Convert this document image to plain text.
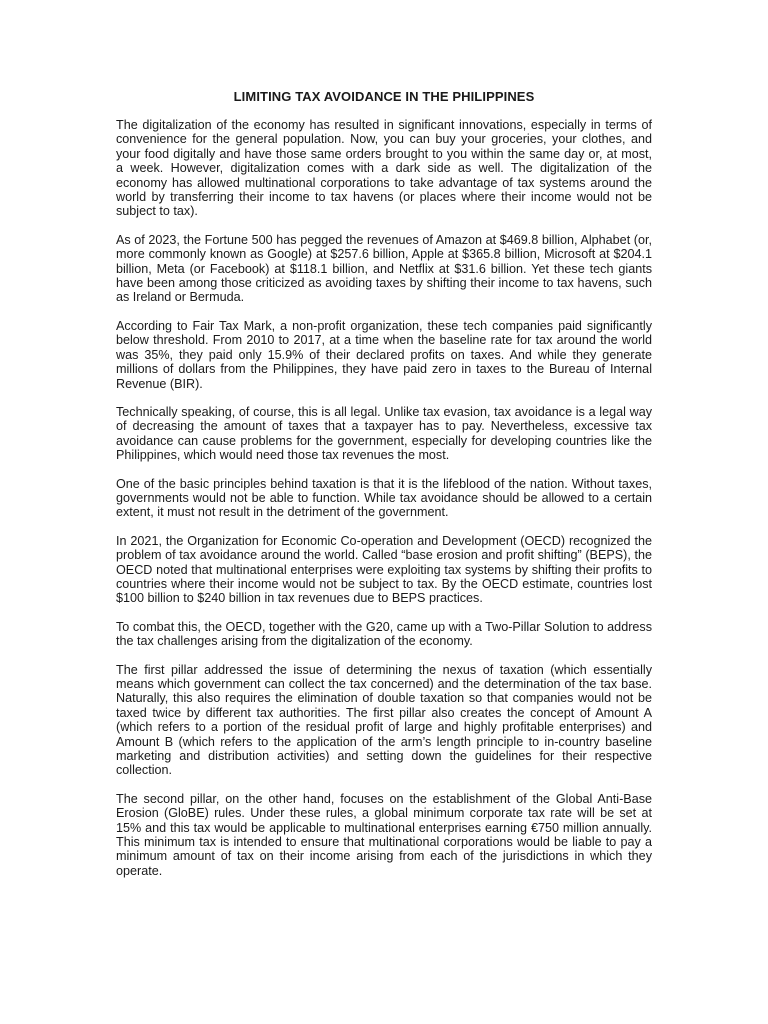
LIMITING TAX AVOIDANCE IN THE PHILIPPINES

The digitalization of the economy has resulted in significant innovations, especially in terms of convenience for the general population. Now, you can buy your groceries, your clothes, and your food digitally and have those same orders brought to you within the same day or, at most, a week. However, digitalization comes with a dark side as well. The digitalization of the economy has allowed multinational corporations to take advantage of tax systems around the world by transferring their income to tax havens (or places where their income would not be subject to tax).

As of 2023, the Fortune 500 has pegged the revenues of Amazon at $469.8 billion, Alphabet (or, more commonly known as Google) at $257.6 billion, Apple at $365.8 billion, Microsoft at $204.1 billion, Meta (or Facebook) at $118.1 billion, and Netflix at $31.6 billion. Yet these tech giants have been among those criticized as avoiding taxes by shifting their income to tax havens, such as Ireland or Bermuda.

According to Fair Tax Mark, a non-profit organization, these tech companies paid significantly below threshold. From 2010 to 2017, at a time when the baseline rate for tax around the world was 35%, they paid only 15.9% of their declared profits on taxes. And while they generate millions of dollars from the Philippines, they have paid zero in taxes to the Bureau of Internal Revenue (BIR).

Technically speaking, of course, this is all legal. Unlike tax evasion, tax avoidance is a legal way of decreasing the amount of taxes that a taxpayer has to pay. Nevertheless, excessive tax avoidance can cause problems for the government, especially for developing countries like the Philippines, which would need those tax revenues the most.

One of the basic principles behind taxation is that it is the lifeblood of the nation. Without taxes, governments would not be able to function. While tax avoidance should be allowed to a certain extent, it must not result in the detriment of the government.

In 2021, the Organization for Economic Co-operation and Development (OECD) recognized the problem of tax avoidance around the world. Called “base erosion and profit shifting” (BEPS), the OECD noted that multinational enterprises were exploiting tax systems by shifting their profits to countries where their income would not be subject to tax. By the OECD estimate, countries lost $100 billion to $240 billion in tax revenues due to BEPS practices.

To combat this, the OECD, together with the G20, came up with a Two-Pillar Solution to address the tax challenges arising from the digitalization of the economy.

The first pillar addressed the issue of determining the nexus of taxation (which essentially means which government can collect the tax concerned) and the determination of the tax base. Naturally, this also requires the elimination of double taxation so that companies would not be taxed twice by different tax authorities. The first pillar also creates the concept of Amount A (which refers to a portion of the residual profit of large and highly profitable enterprises) and Amount B (which refers to the application of the arm’s length principle to in-country baseline marketing and distribution activities) and setting down the guidelines for their respective collection.

The second pillar, on the other hand, focuses on the establishment of the Global Anti-Base Erosion (GloBE) rules. Under these rules, a global minimum corporate tax rate will be set at 15% and this tax would be applicable to multinational enterprises earning €750 million annually. This minimum tax is intended to ensure that multinational corporations would be liable to pay a minimum amount of tax on their income arising from each of the jurisdictions in which they operate.
